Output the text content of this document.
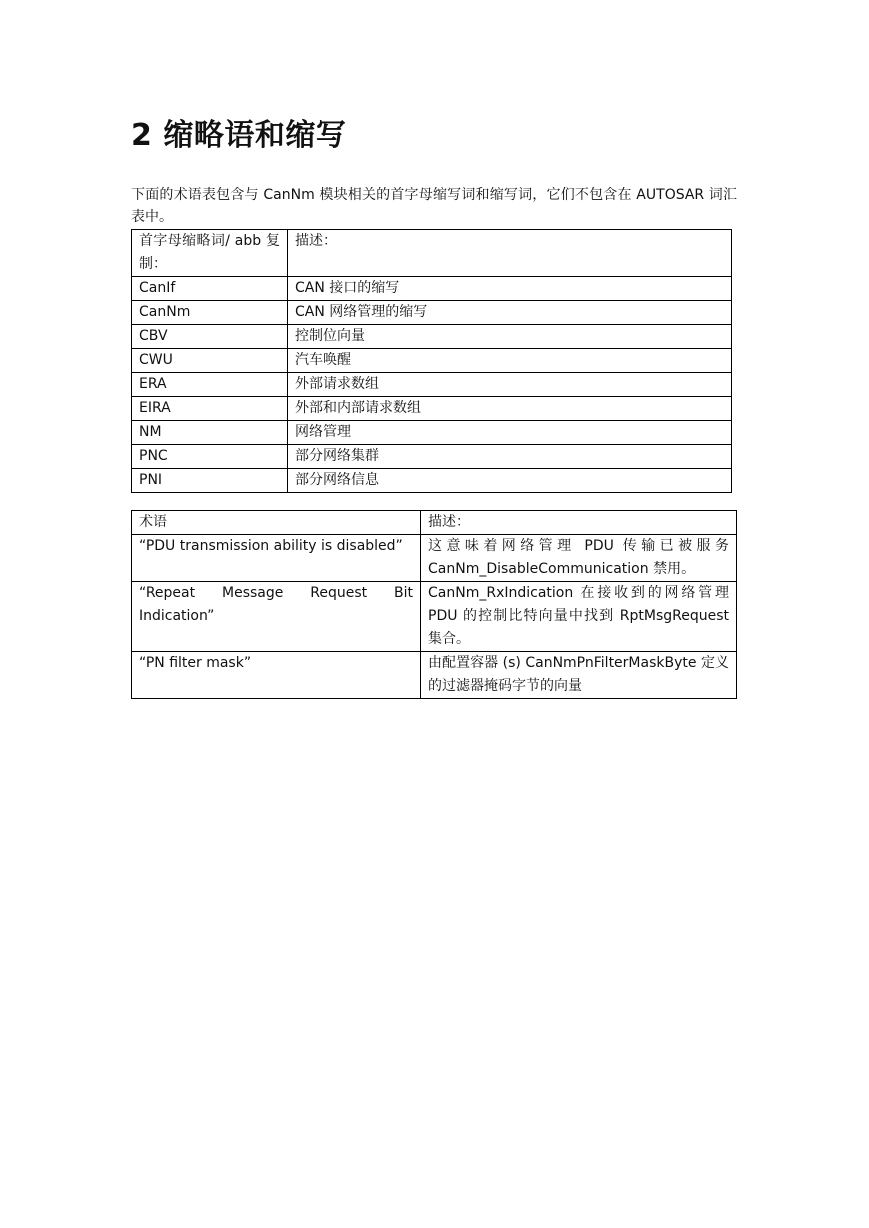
2 缩略语和缩写

下面的术语表包含与 CanNm 模块相关的首字母缩写词和缩写词，它们不包含在 AUTOSAR 词汇表中。

首字母缩略词/ abb 复制：	描述：
CanIf	CAN 接口的缩写
CanNm	CAN 网络管理的缩写
CBV	控制位向量
CWU	汽车唤醒
ERA	外部请求数组
EIRA	外部和内部请求数组
NM	网络管理
PNC	部分网络集群
PNI	部分网络信息
术语	描述：
“PDU transmission ability is disabled”	这意味着网络管理 PDU 传输已被服务 CanNm_DisableCommunication 禁用。
“Repeat Message Request Bit Indication”	CanNm_RxIndication 在接收到的网络管理 PDU 的控制比特向量中找到 RptMsgRequest 集合。
“PN filter mask”	由配置容器 (s) CanNmPnFilterMaskByte 定义的过滤器掩码字节的向量
